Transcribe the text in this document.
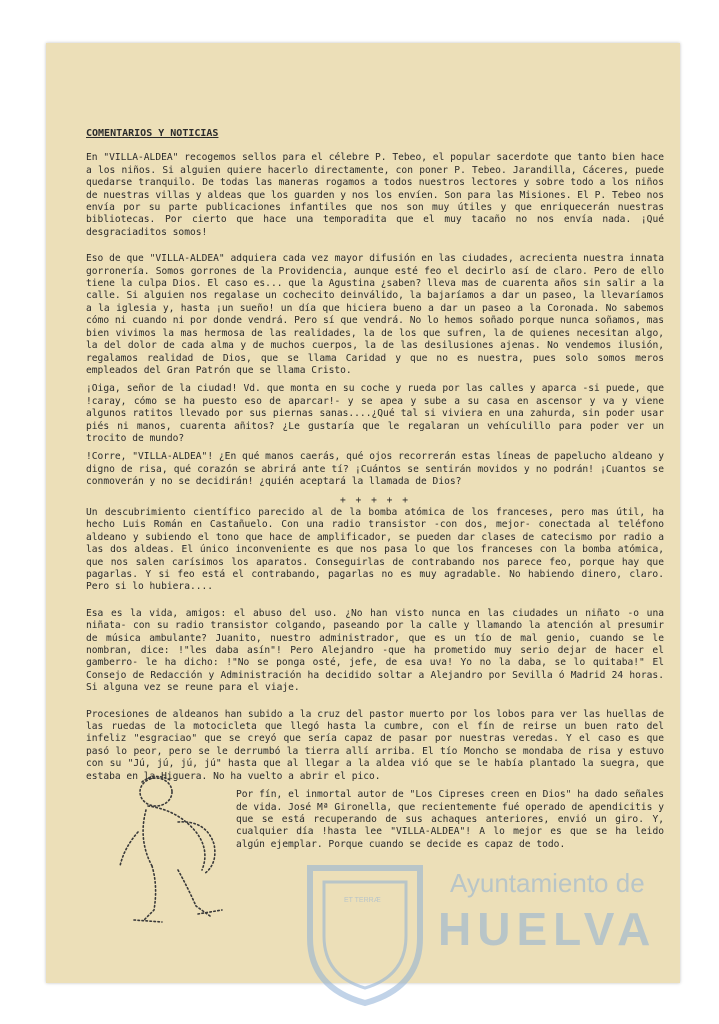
COMENTARIOS Y NOTICIAS

En "VILLA-ALDEA" recogemos sellos para el célebre P. Tebeo, el popular sacerdote que tanto bien hace a los niños. Si alguien quiere hacerlo directamente, con poner P. Tebeo. Jarandilla, Cáceres, puede quedarse tranquilo. De todas las maneras rogamos a todos nuestros lectores y sobre todo a los niños de nuestras villas y aldeas que los guarden y nos los envíen. Son para las Misiones. El P. Tebeo nos envía por su parte publicaciones infantiles que nos son muy útiles y que enriquecerán nuestras bibliotecas. Por cierto que hace una temporadita que el muy tacaño no nos envía nada. ¡Qué desgraciaditos somos!

Eso de que "VILLA-ALDEA" adquiera cada vez mayor difusión en las ciudades, acrecienta nuestra innata gorronería. Somos gorrones de la Providencia, aunque esté feo el decirlo así de claro. Pero de ello tiene la culpa Dios. El caso es... que la Agustina ¿saben? lleva mas de cuarenta años sin salir a la calle. Si alguien nos regalase un cochecito deinválido, la bajaríamos a dar un paseo, la llevaríamos a la iglesia y, hasta ¡un sueño! un día que hiciera bueno a dar un paseo a la Coronada. No sabemos cómo ni cuando ni por donde vendrá. Pero sí que vendrá. No lo hemos soñado porque nunca soñamos, mas bien vivimos la mas hermosa de las realidades, la de los que sufren, la de quienes necesitan algo, la del dolor de cada alma y de muchos cuerpos, la de las desilusiones ajenas. No vendemos ilusión, regalamos realidad de Dios, que se llama Caridad y que no es nuestra, pues solo somos meros empleados del Gran Patrón que se llama Cristo.

¡Oiga, señor de la ciudad! Vd. que monta en su coche y rueda por las calles y aparca -si puede, que !caray, cómo se ha puesto eso de aparcar!- y se apea y sube a su casa en ascensor y va y viene algunos ratitos llevado por sus piernas sanas....¿Qué tal si viviera en una zahurda, sin poder usar piés ni manos, cuarenta añitos? ¿Le gustaría que le regalaran un vehículillo para poder ver un trocito de mundo?

!Corre, "VILLA-ALDEA"! ¿En qué manos caerás, qué ojos recorrerán estas líneas de papelucho aldeano y digno de risa, qué corazón se abrirá ante tí? ¡Cuántos se sentirán movidos y no podrán! ¡Cuantos se conmoverán y no se decidirán! ¿quién aceptará la llamada de Dios?

+ + + + +

Un descubrimiento científico parecido al de la bomba atómica de los franceses, pero mas útil, ha hecho Luis Román en Castañuelo. Con una radio transistor -con dos, mejor- conectada al teléfono aldeano y subiendo el tono que hace de amplificador, se pueden dar clases de catecismo por radio a las dos aldeas. El único inconveniente es que nos pasa lo que los franceses con la bomba atómica, que nos salen carísimos los aparatos. Conseguirlas de contrabando nos parece feo, porque hay que pagarlas. Y si feo está el contrabando, pagarlas no es muy agradable. No habiendo dinero, claro. Pero si lo hubiera....

Esa es la vida, amigos: el abuso del uso. ¿No han visto nunca en las ciudades un niñato -o una niñata- con su radio transistor colgando, paseando por la calle y llamando la atención al presumir de música ambulante? Juanito, nuestro administrador, que es un tío de mal genio, cuando se le nombran, dice: !"les daba asín"! Pero Alejandro -que ha prometido muy serio dejar de hacer el gamberro- le ha dicho: !"No se ponga osté, jefe, de esa uva! Yo no la daba, se lo quitaba!" El Consejo de Redacción y Administración ha decidido soltar a Alejandro por Sevilla ó Madrid 24 horas. Si alguna vez se reune para el viaje.

Procesiones de aldeanos han subido a la cruz del pastor muerto por los lobos para ver las huellas de las ruedas de la motocicleta que llegó hasta la cumbre, con el fín de reirse un buen rato del infeliz "esgraciao" que se creyó que sería capaz de pasar por nuestras veredas. Y el caso es que pasó lo peor, pero se le derrumbó la tierra allí arriba. El tío Moncho se mondaba de risa y estuvo con su "Jú, jú, jú, jú" hasta que al llegar a la aldea vió que se le había plantado la suegra, que estaba en la Higuera. No ha vuelto a abrir el pico.

Por fín, el inmortal autor de "Los Cipreses creen en Dios" ha dado señales de vida. José Mª Gironella, que recientemente fué operado de apendicitis y que se está recuperando de sus achaques anteriores, envió un giro. Y, cualquier día !hasta lee "VILLA-ALDEA"! A lo mejor es que se ha leido algún ejemplar. Porque cuando se decide es capaz de todo.

ET TERRÆ
Ayuntamiento de
HUELVA
